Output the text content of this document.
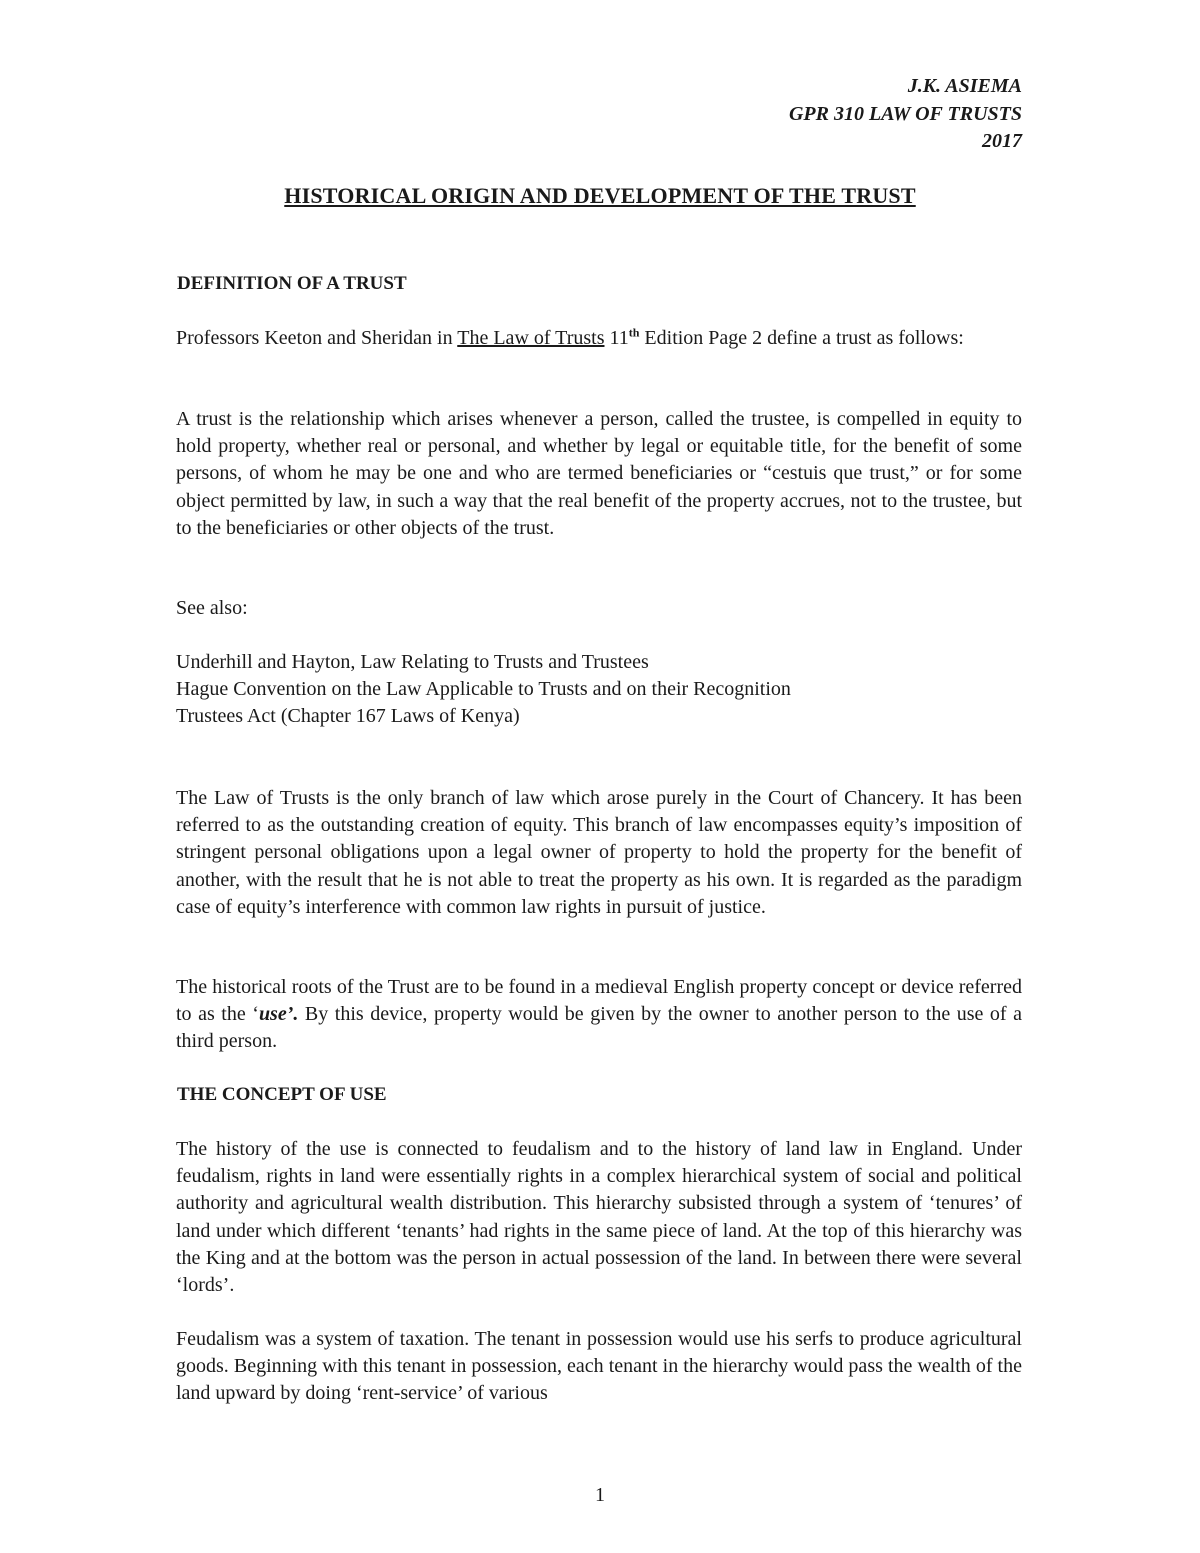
J.K. ASIEMA
GPR 310 LAW OF TRUSTS
2017
HISTORICAL ORIGIN AND DEVELOPMENT OF THE TRUST
DEFINITION OF A TRUST
Professors Keeton and Sheridan in The Law of Trusts 11th Edition Page 2 define a trust as follows:
A trust is the relationship which arises whenever a person, called the trustee, is compelled in equity to hold property, whether real or personal, and whether by legal or equitable title, for the benefit of some persons, of whom he may be one and who are termed beneficiaries or “cestuis que trust,” or for some object permitted by law, in such a way that the real benefit of the property accrues, not to the trustee, but to the beneficiaries or other objects of the trust.
See also:
Underhill and Hayton, Law Relating to Trusts and Trustees
Hague Convention on the Law Applicable to Trusts and on their Recognition
Trustees Act (Chapter 167 Laws of Kenya)
The Law of Trusts is the only branch of law which arose purely in the Court of Chancery. It has been referred to as the outstanding creation of equity. This branch of law encompasses equity’s imposition of stringent personal obligations upon a legal owner of property to hold the property for the benefit of another, with the result that he is not able to treat the property as his own. It is regarded as the paradigm case of equity’s interference with common law rights in pursuit of justice.
The historical roots of the Trust are to be found in a medieval English property concept or device referred to as the ‘use’. By this device, property would be given by the owner to another person to the use of a third person.
THE CONCEPT OF USE
The history of the use is connected to feudalism and to the history of land law in England. Under feudalism, rights in land were essentially rights in a complex hierarchical system of social and political authority and agricultural wealth distribution. This hierarchy subsisted through a system of ‘tenures’ of land under which different ‘tenants’ had rights in the same piece of land. At the top of this hierarchy was the King and at the bottom was the person in actual possession of the land. In between there were several ‘lords’.
Feudalism was a system of taxation. The tenant in possession would use his serfs to produce agricultural goods. Beginning with this tenant in possession, each tenant in the hierarchy would pass the wealth of the land upward by doing ‘rent-service’ of various
1
